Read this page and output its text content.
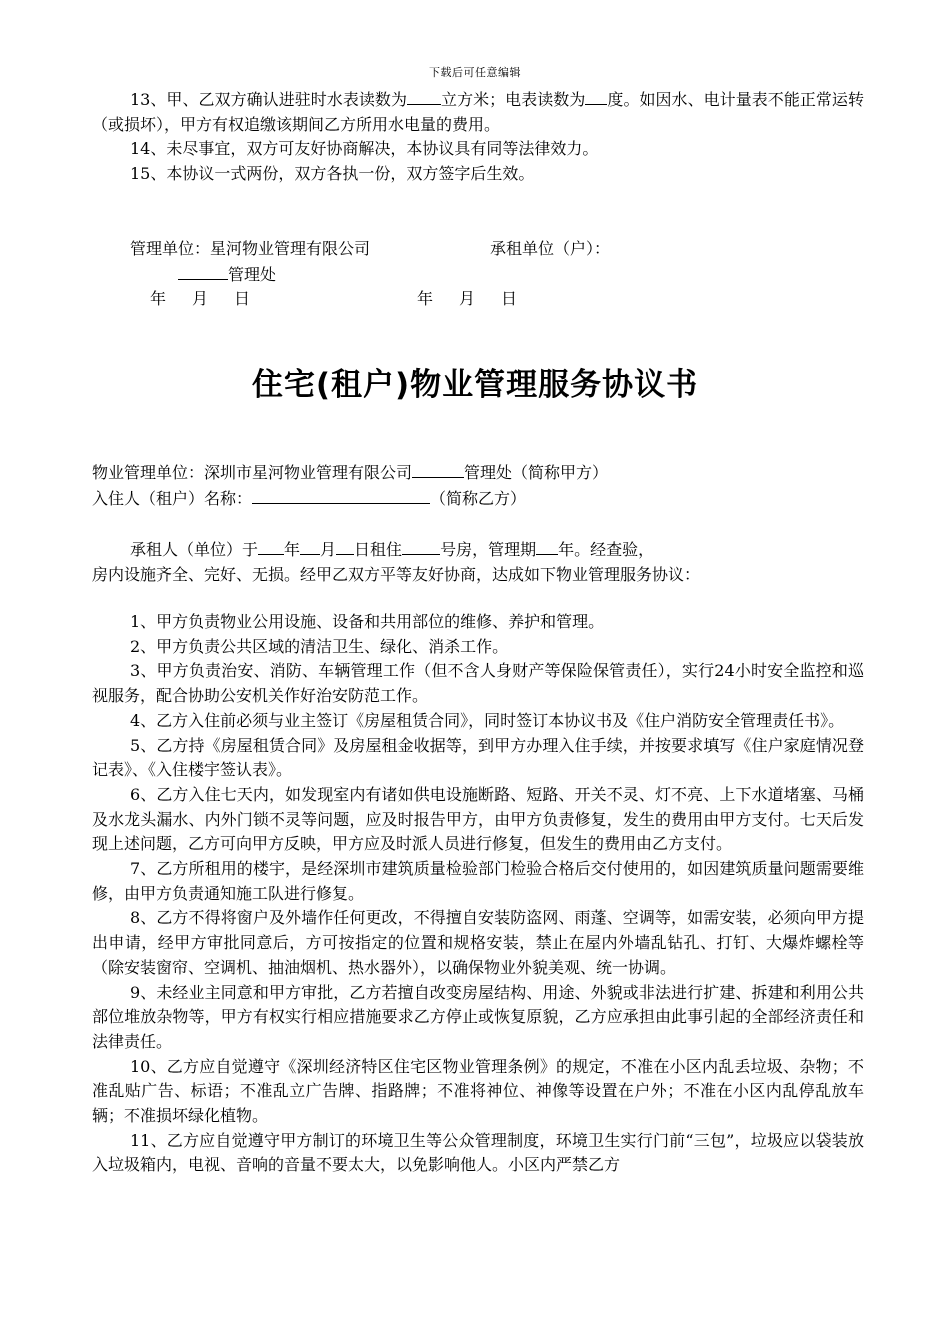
下载后可任意编辑

13、甲、乙双方确认进驻时水表读数为 立方米；电表读数为 度。如因水、电计量表不能正常运转（或损坏），甲方有权追缴该期间乙方所用水电量的费用。

14、未尽事宜，双方可友好协商解决，本协议具有同等法律效力。

15、本协议一式两份，双方各执一份，双方签字后生效。

管理单位：星河物业管理有限公司	承租单位（户）：
管理处
年 月 日	年 月 日
住宅(租户)物业管理服务协议书

物业管理单位：深圳市星河物业管理有限公司	管理处（简称甲方）

入住人（租户）名称：	（简称乙方）

承租人（单位）于 年 月 日租住 号房，管理期 年。经查验，

房内设施齐全、完好、无损。经甲乙双方平等友好协商，达成如下物业管理服务协议：

1、甲方负责物业公用设施、设备和共用部位的维修、养护和管理。

2、甲方负责公共区域的清洁卫生、绿化、消杀工作。

3、甲方负责治安、消防、车辆管理工作（但不含人身财产等保险保管责任），实行24小时安全监控和巡视服务，配合协助公安机关作好治安防范工作。

4、乙方入住前必须与业主签订《房屋租赁合同》，同时签订本协议书及《住户消防安全管理责任书》。

5、乙方持《房屋租赁合同》及房屋租金收据等，到甲方办理入住手续，并按要求填写《住户家庭情况登记表》、《入住楼宇签认表》。

6、乙方入住七天内，如发现室内有诸如供电设施断路、短路、开关不灵、灯不亮、上下水道堵塞、马桶及水龙头漏水、内外门锁不灵等问题，应及时报告甲方，由甲方负责修复，发生的费用由甲方支付。七天后发现上述问题，乙方可向甲方反映，甲方应及时派人员进行修复，但发生的费用由乙方支付。

7、乙方所租用的楼宇，是经深圳市建筑质量检验部门检验合格后交付使用的，如因建筑质量问题需要维修，由甲方负责通知施工队进行修复。

8、乙方不得将窗户及外墙作任何更改，不得擅自安装防盗网、雨蓬、空调等，如需安装，必须向甲方提出申请，经甲方审批同意后，方可按指定的位置和规格安装，禁止在屋内外墙乱钻孔、打钉、大爆炸螺栓等（除安装窗帘、空调机、抽油烟机、热水器外），以确保物业外貌美观、统一协调。

9、未经业主同意和甲方审批，乙方若擅自改变房屋结构、用途、外貌或非法进行扩建、拆建和利用公共部位堆放杂物等，甲方有权实行相应措施要求乙方停止或恢复原貌，乙方应承担由此事引起的全部经济责任和法律责任。

10、乙方应自觉遵守《深圳经济特区住宅区物业管理条例》的规定，不准在小区内乱丢垃圾、杂物；不准乱贴广告、标语；不准乱立广告牌、指路牌；不准将神位、神像等设置在户外；不准在小区内乱停乱放车辆；不准损坏绿化植物。

11、乙方应自觉遵守甲方制订的环境卫生等公众管理制度，环境卫生实行门前“三包”，垃圾应以袋装放入垃圾箱内，电视、音响的音量不要太大，以免影响他人。小区内严禁乙方
